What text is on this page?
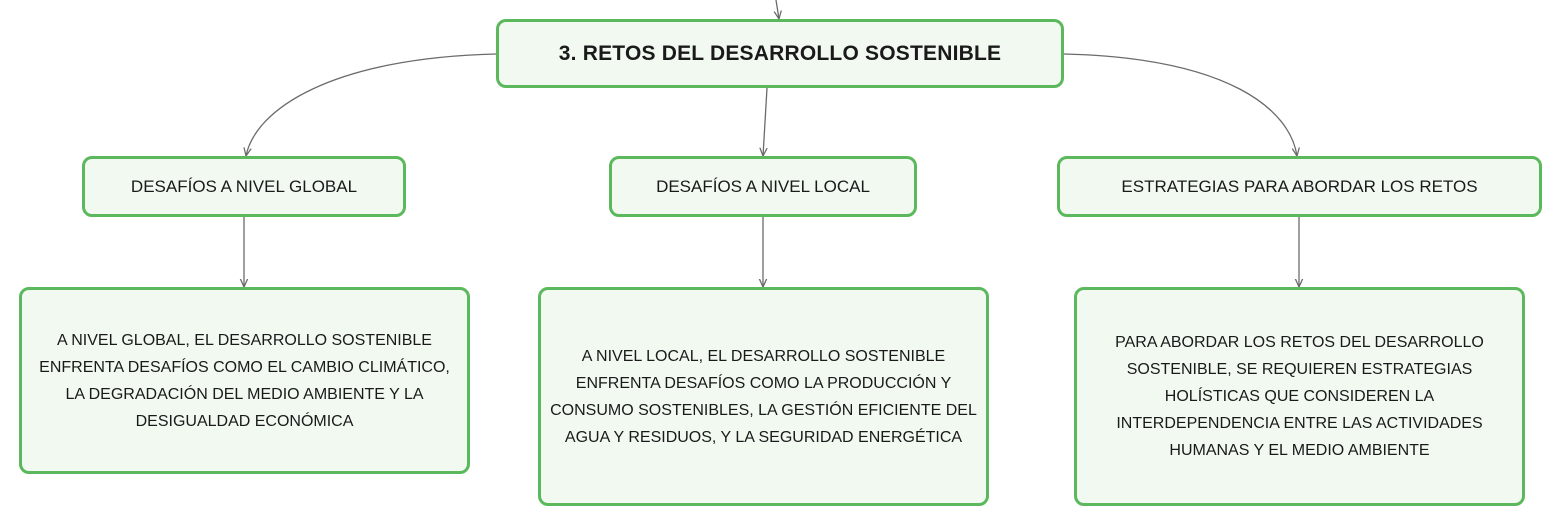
3. RETOS DEL DESARROLLO SOSTENIBLE
DESAFÍOS A NIVEL GLOBAL	DESAFÍOS A NIVEL LOCAL	ESTRATEGIAS PARA ABORDAR LOS RETOS
A NIVEL GLOBAL, EL DESARROLLO SOSTENIBLE ENFRENTA DESAFÍOS COMO EL CAMBIO CLIMÁTICO, LA DEGRADACIÓN DEL MEDIO AMBIENTE Y LA DESIGUALDAD ECONÓMICA
A NIVEL LOCAL, EL DESARROLLO SOSTENIBLE ENFRENTA DESAFÍOS COMO LA PRODUCCIÓN Y CONSUMO SOSTENIBLES, LA GESTIÓN EFICIENTE DEL AGUA Y RESIDUOS, Y LA SEGURIDAD ENERGÉTICA
PARA ABORDAR LOS RETOS DEL DESARROLLO SOSTENIBLE, SE REQUIEREN ESTRATEGIAS HOLÍSTICAS QUE CONSIDEREN LA INTERDEPENDENCIA ENTRE LAS ACTIVIDADES HUMANAS Y EL MEDIO AMBIENTE
